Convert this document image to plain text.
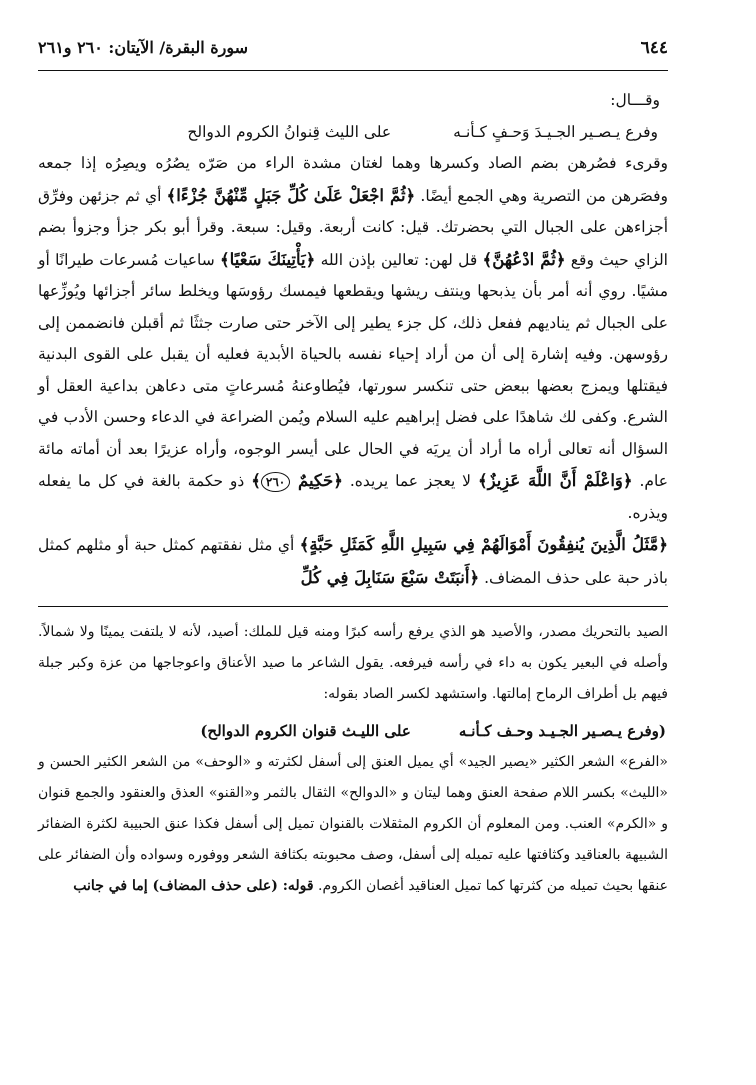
٦٤٤
سورة البقرة/ الآيتان: ٢٦٠ و٢٦١
وقـــال:
وفرع يـصـير الجـيـدَ وَحـفٍ كـأنـه
على الليث قِنوانُ الكروم الدوالح

وقرىء فصُرهن بضم الصاد وكسرها وهما لغتان مشدة الراء من صَرّه يصُرُه ويصِرُه إذا جمعه وفصَرهن من التصرية وهي الجمع أيضًا. ﴿ثُمَّ اجْعَلْ عَلَىٰ كُلِّ جَبَلٍ مِّنْهُنَّ جُزْءًا﴾ أي ثم جزئهن وفرِّق أجزاءهن على الجبال التي بحضرتك. قيل: كانت أربعة. وقيل: سبعة. وقرأ أبو بكر جزأ وجزوأ بضم الزاي حيث وقع ﴿ثُمَّ ادْعُهُنَّ﴾ قل لهن: تعالين بإذن الله ﴿يَأْتِينَكَ سَعْيًا﴾ ساعيات مُسرعات طيرانًا أو مشيًا. روي أنه أمر بأن يذبحها وينتف ريشها ويقطعها فيمسك رؤوسَها ويخلط سائر أجزائها ويُوزِّعها على الجبال ثم يناديهم ففعل ذلك، كل جزء يطير إلى الآخر حتى صارت جثثًا ثم أقبلن فانضممن إلى رؤوسهن. وفيه إشارة إلى أن من أراد إحياء نفسه بالحياة الأبدية فعليه أن يقبل على القوى البدنية فيقتلها ويمزج بعضها ببعض حتى تنكسر سورتها، فيُطاوعنهُ مُسرعاتٍ متى دعاهن بداعية العقل أو الشرع. وكفى لك شاهدًا على فضل إبراهيم عليه السلام ويُمن الضراعة في الدعاء وحسن الأدب في السؤال أنه تعالى أراه ما أراد أن يريَه في الحال على أيسر الوجوه، وأراه عزيرًا بعد أن أماته مائة عام. ﴿وَاعْلَمْ أَنَّ اللَّهَ عَزِيزٌ﴾ لا يعجز عما يريده. ﴿حَكِيمٌ ٢٦٠﴾ ذو حكمة بالغة في كل ما يفعله ويذره.

﴿مَّثَلُ الَّذِينَ يُنفِقُونَ أَمْوَالَهُمْ فِي سَبِيلِ اللَّهِ كَمَثَلِ حَبَّةٍ﴾ أي مثل نفقتهم كمثل حبة أو مثلهم كمثل باذر حبة على حذف المضاف. ﴿أَنبَتَتْ سَبْعَ سَنَابِلَ فِي كُلِّ

الصيد بالتحريك مصدر، والأصيد هو الذي يرفع رأسه كبرًا ومنه قيل للملك: أصيد، لأنه لا يلتفت يمينًا ولا شمالاً. وأصله في البعير يكون به داء في رأسه فيرفعه. يقول الشاعر ما صيد الأعناق واعوجاجها من عزة وكبر جبلة فيهم بل أطراف الرماح إمالتها. واستشهد لكسر الصاد بقوله:

(وفرع يـصـير الجـيـد وحـف كـأنـه
على الليـث قنوان الكروم الدوالح)

«الفرع» الشعر الكثير «يصير الجيد» أي يميل العنق إلى أسفل لكثرته و «الوحف» من الشعر الكثير الحسن و «الليث» بكسر اللام صفحة العنق وهما ليتان و «الدوالح» الثقال بالثمر و«القنو» العذق والعنقود والجمع قنوان و «الكرم» العنب. ومن المعلوم أن الكروم المثقلات بالقنوان تميل إلى أسفل فكذا عنق الحبيبة لكثرة الضفائر الشبيهة بالعناقيد وكثافتها عليه تميله إلى أسفل، وصف محبوبته بكثافة الشعر ووفوره وسواده وأن الضفائر على عنقها بحيث تميله من كثرتها كما تميل العناقيد أغصان الكروم. قوله: (على حذف المضاف) إما في جانب
